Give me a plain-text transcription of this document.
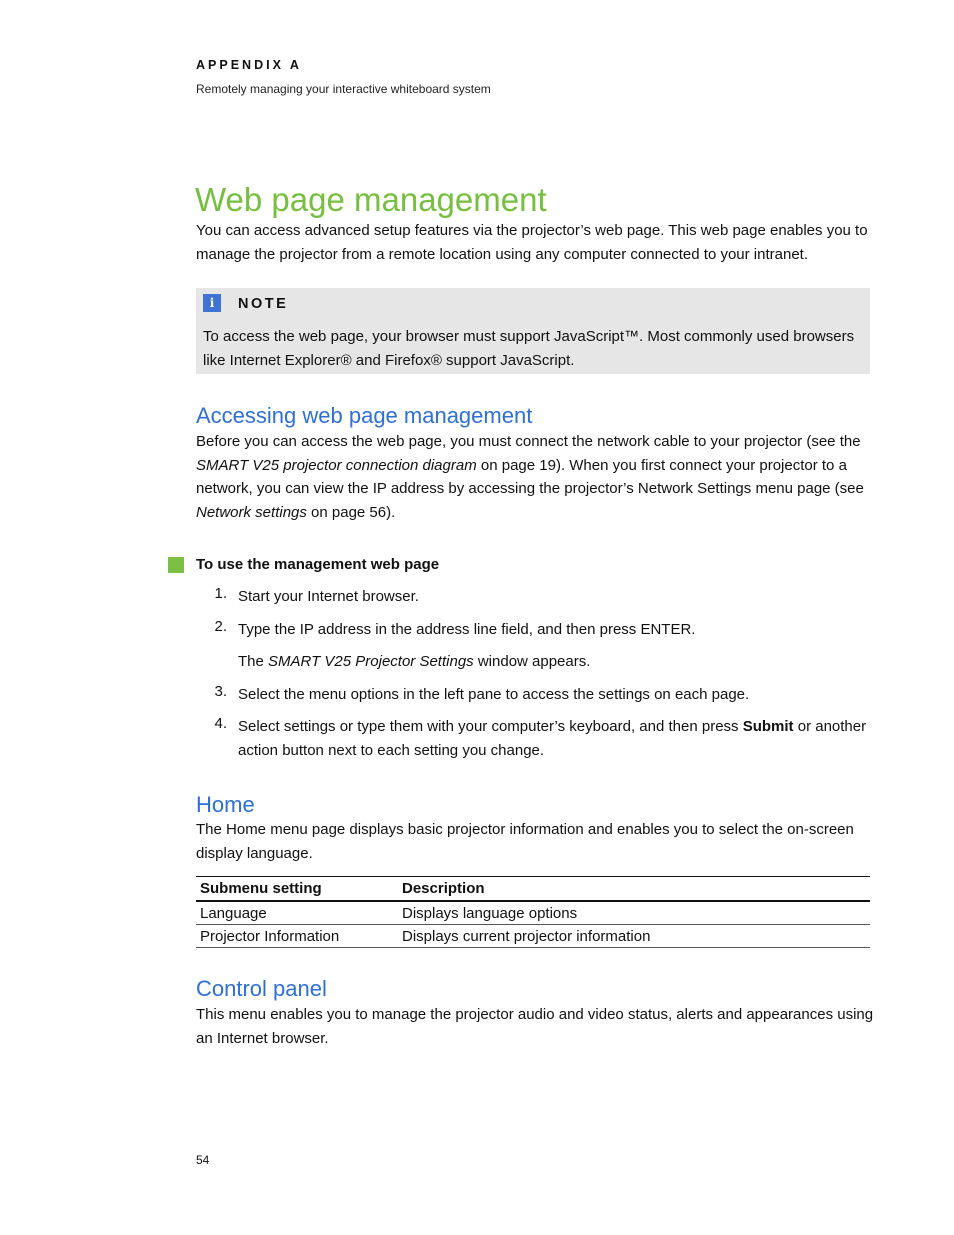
APPENDIX A
Remotely managing your interactive whiteboard system
Web page management

You can access advanced setup features via the projector’s web page. This web page enables you to manage the projector from a remote location using any computer connected to your intranet.

i	NOTE

To access the web page, your browser must support JavaScript™. Most commonly used browsers like Internet Explorer® and Firefox® support JavaScript.

Accessing web page management

Before you can access the web page, you must connect the network cable to your projector (see the SMART V25 projector connection diagram on page 19). When you first connect your projector to a network, you can view the IP address by accessing the projector’s Network Settings menu page (see Network settings on page 56).

To use the management web page
1. Start your Internet browser.
2. Type the IP address in the address line field, and then press ENTER.
The SMART V25 Projector Settings window appears.
3. Select the menu options in the left pane to access the settings on each page.
4. Select settings or type them with your computer’s keyboard, and then press Submit or another action button next to each setting you change.
Home

The Home menu page displays basic projector information and enables you to select the on-screen display language.

Submenu setting	Description
Language	Displays language options
Projector Information	Displays current projector information
Control panel

This menu enables you to manage the projector audio and video status, alerts and appearances using an Internet browser.

54
